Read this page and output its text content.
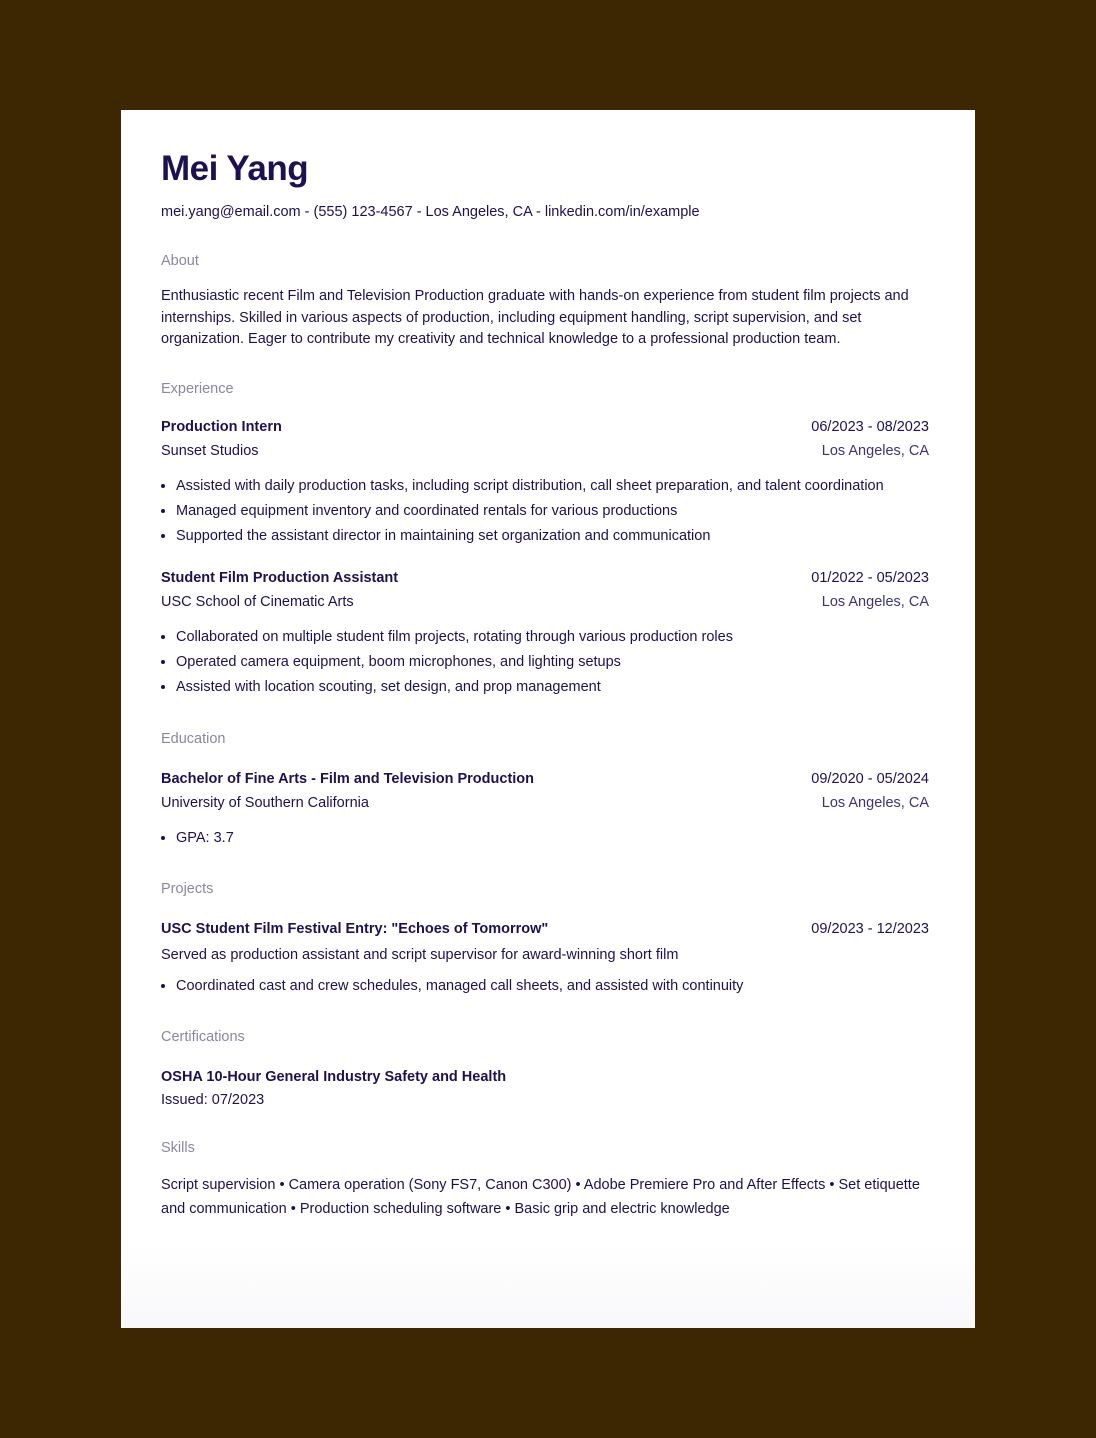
Mei Yang
mei.yang@email.com - (555) 123-4567 - Los Angeles, CA - linkedin.com/in/example
About
Enthusiastic recent Film and Television Production graduate with hands-on experience from student film projects and internships. Skilled in various aspects of production, including equipment handling, script supervision, and set organization. Eager to contribute my creativity and technical knowledge to a professional production team.
Experience
Production Intern	06/2023 - 08/2023
Sunset Studios	Los Angeles, CA
• Assisted with daily production tasks, including script distribution, call sheet preparation, and talent coordination
• Managed equipment inventory and coordinated rentals for various productions
• Supported the assistant director in maintaining set organization and communication
Student Film Production Assistant	01/2022 - 05/2023
USC School of Cinematic Arts	Los Angeles, CA
• Collaborated on multiple student film projects, rotating through various production roles
• Operated camera equipment, boom microphones, and lighting setups
• Assisted with location scouting, set design, and prop management
Education
Bachelor of Fine Arts - Film and Television Production	09/2020 - 05/2024
University of Southern California	Los Angeles, CA
• GPA: 3.7
Projects
USC Student Film Festival Entry: "Echoes of Tomorrow"	09/2023 - 12/2023
Served as production assistant and script supervisor for award-winning short film
• Coordinated cast and crew schedules, managed call sheets, and assisted with continuity
Certifications
OSHA 10-Hour General Industry Safety and Health
Issued: 07/2023
Skills
Script supervision • Camera operation (Sony FS7, Canon C300) • Adobe Premiere Pro and After Effects • Set etiquette and communication • Production scheduling software • Basic grip and electric knowledge
